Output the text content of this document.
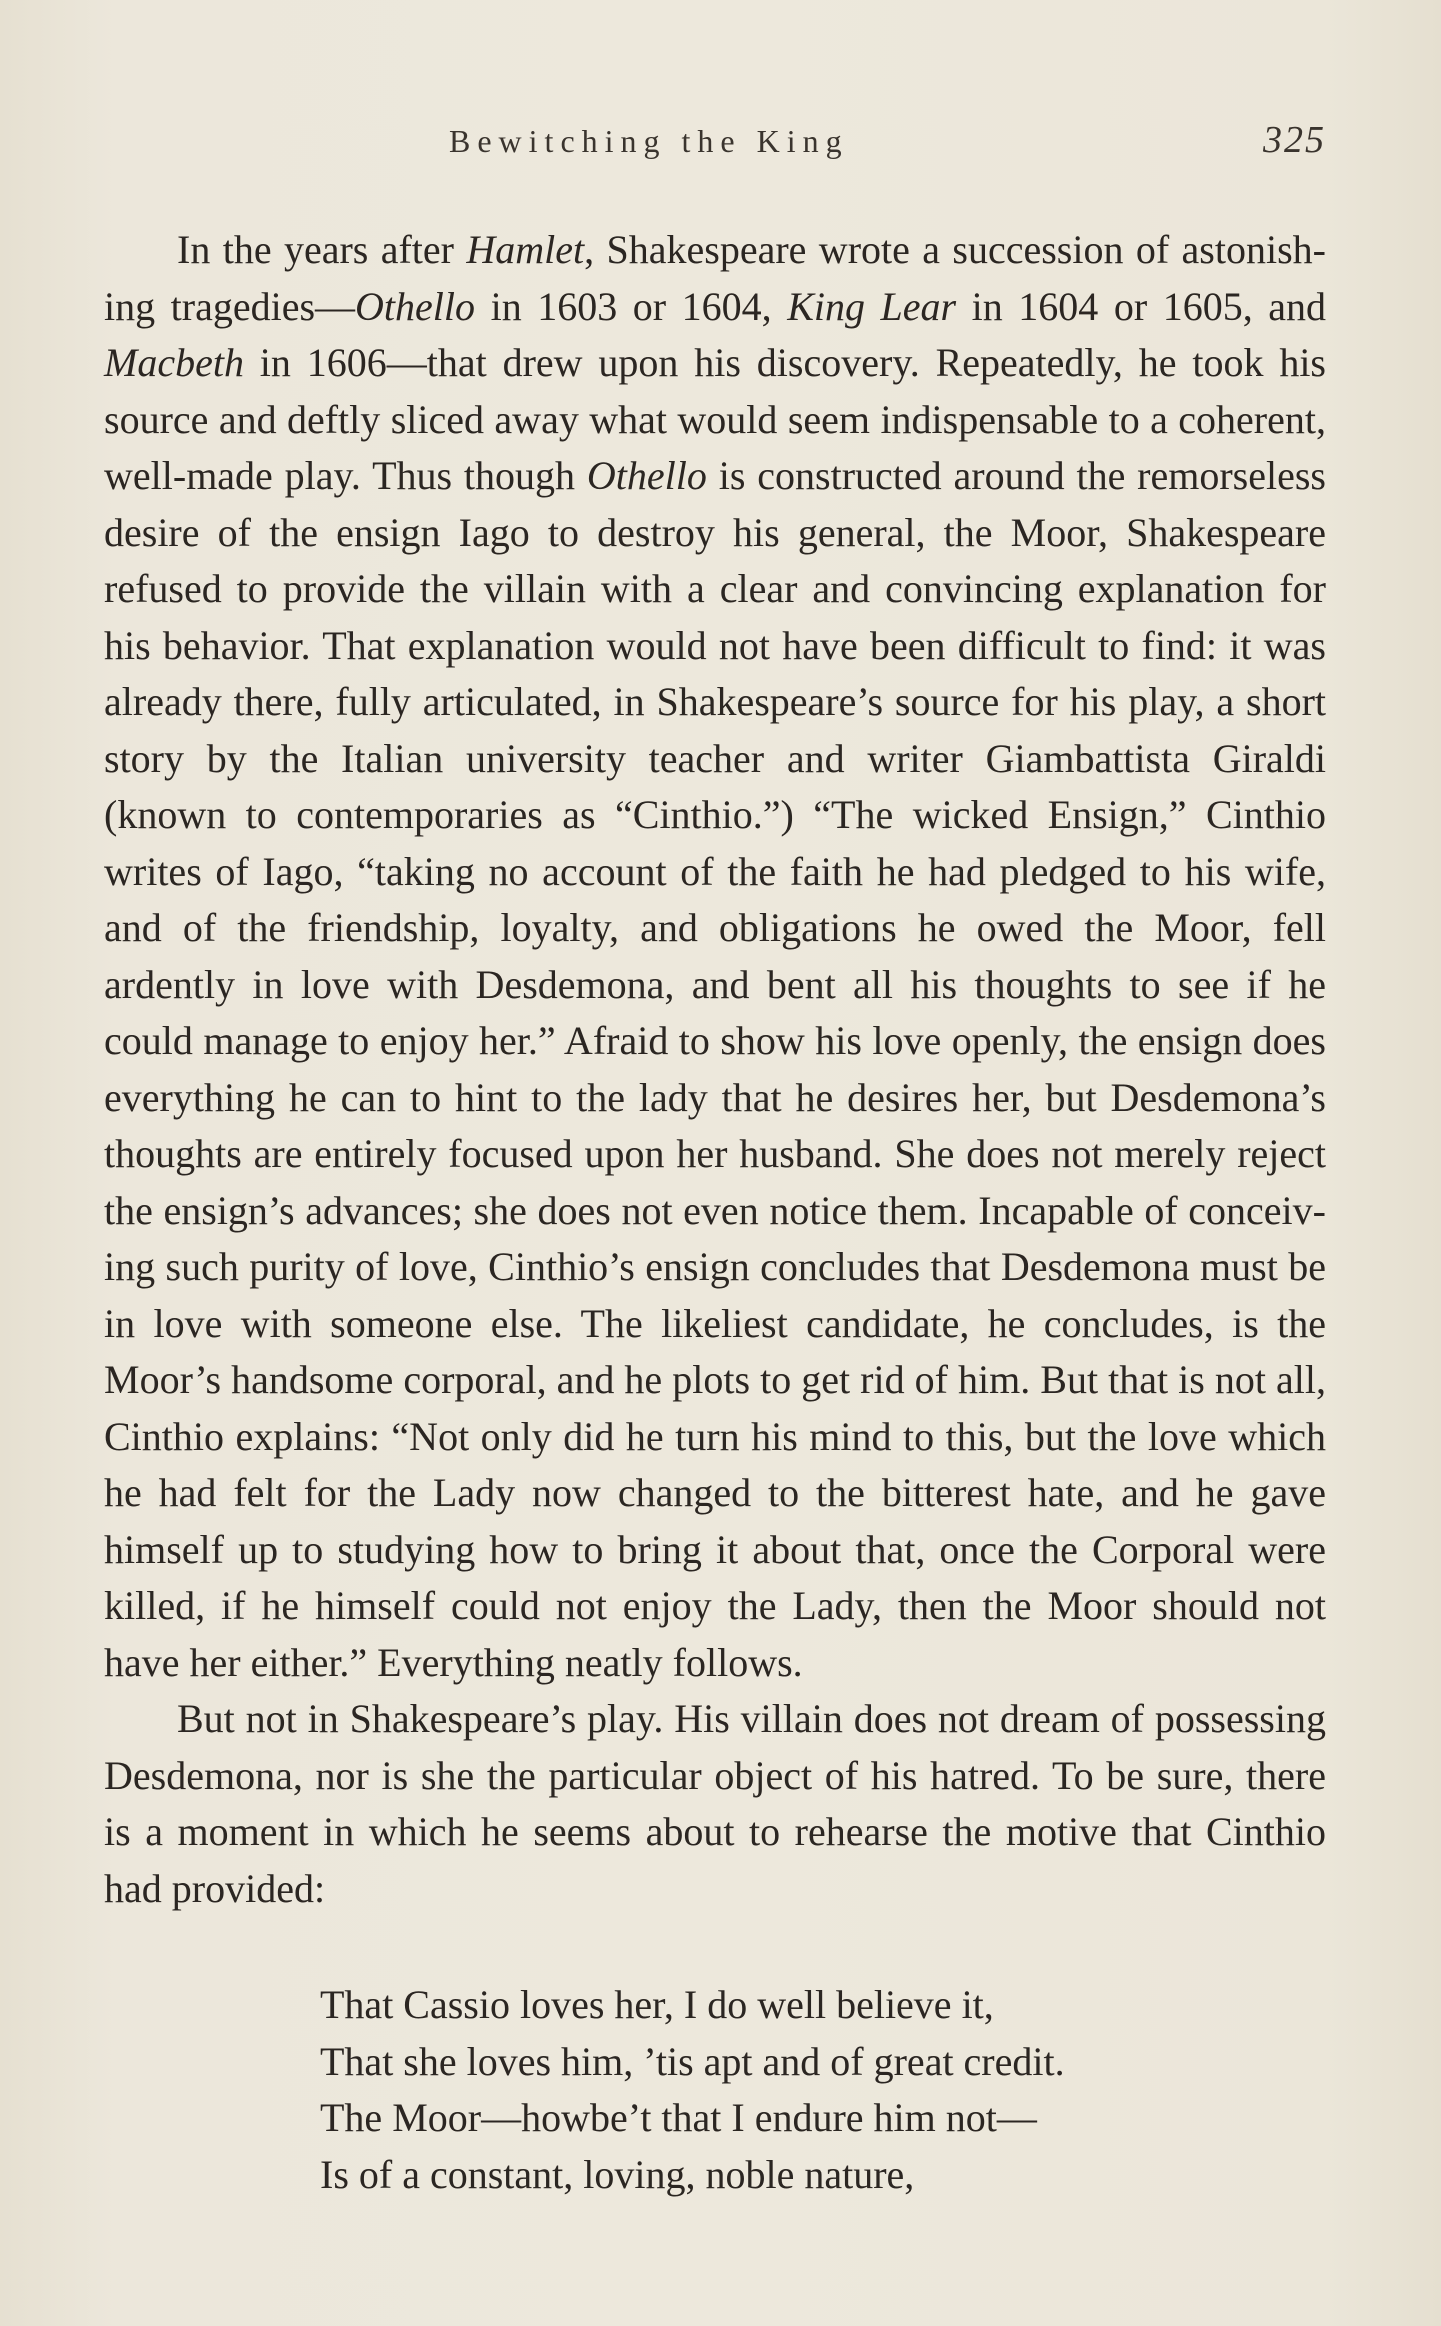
Bewitching the King	325

In the years after Hamlet, Shakespeare wrote a succession of astonishing tragedies—Othello in 1603 or 1604, King Lear in 1604 or 1605, and Macbeth in 1606—that drew upon his discovery. Repeatedly, he took his source and deftly sliced away what would seem indispensable to a coherent, well-made play. Thus though Othello is constructed around the remorseless desire of the ensign Iago to destroy his general, the Moor, Shakespeare refused to provide the villain with a clear and convincing explanation for his behavior. That explanation would not have been difficult to find: it was already there, fully articulated, in Shakespeare’s source for his play, a short story by the Italian university teacher and writer Giambattista Giraldi (known to contemporaries as “Cinthio.”) “The wicked Ensign,” Cinthio writes of Iago, “taking no account of the faith he had pledged to his wife, and of the friendship, loyalty, and obligations he owed the Moor, fell ardently in love with Desdemona, and bent all his thoughts to see if he could manage to enjoy her.” Afraid to show his love openly, the ensign does everything he can to hint to the lady that he desires her, but Desdemona’s thoughts are entirely focused upon her husband. She does not merely reject the ensign’s advances; she does not even notice them. Incapable of conceiving such purity of love, Cinthio’s ensign concludes that Desdemona must be in love with someone else. The likeliest candidate, he concludes, is the Moor’s handsome corporal, and he plots to get rid of him. But that is not all, Cinthio explains: “Not only did he turn his mind to this, but the love which he had felt for the Lady now changed to the bitterest hate, and he gave himself up to studying how to bring it about that, once the Corporal were killed, if he himself could not enjoy the Lady, then the Moor should not have her either.” Everything neatly follows.

But not in Shakespeare’s play. His villain does not dream of possessing Desdemona, nor is she the particular object of his hatred. To be sure, there is a moment in which he seems about to rehearse the motive that Cinthio had provided:

That Cassio loves her, I do well believe it,
That she loves him, ’tis apt and of great credit.
The Moor—howbe’t that I endure him not—
Is of a constant, loving, noble nature,
